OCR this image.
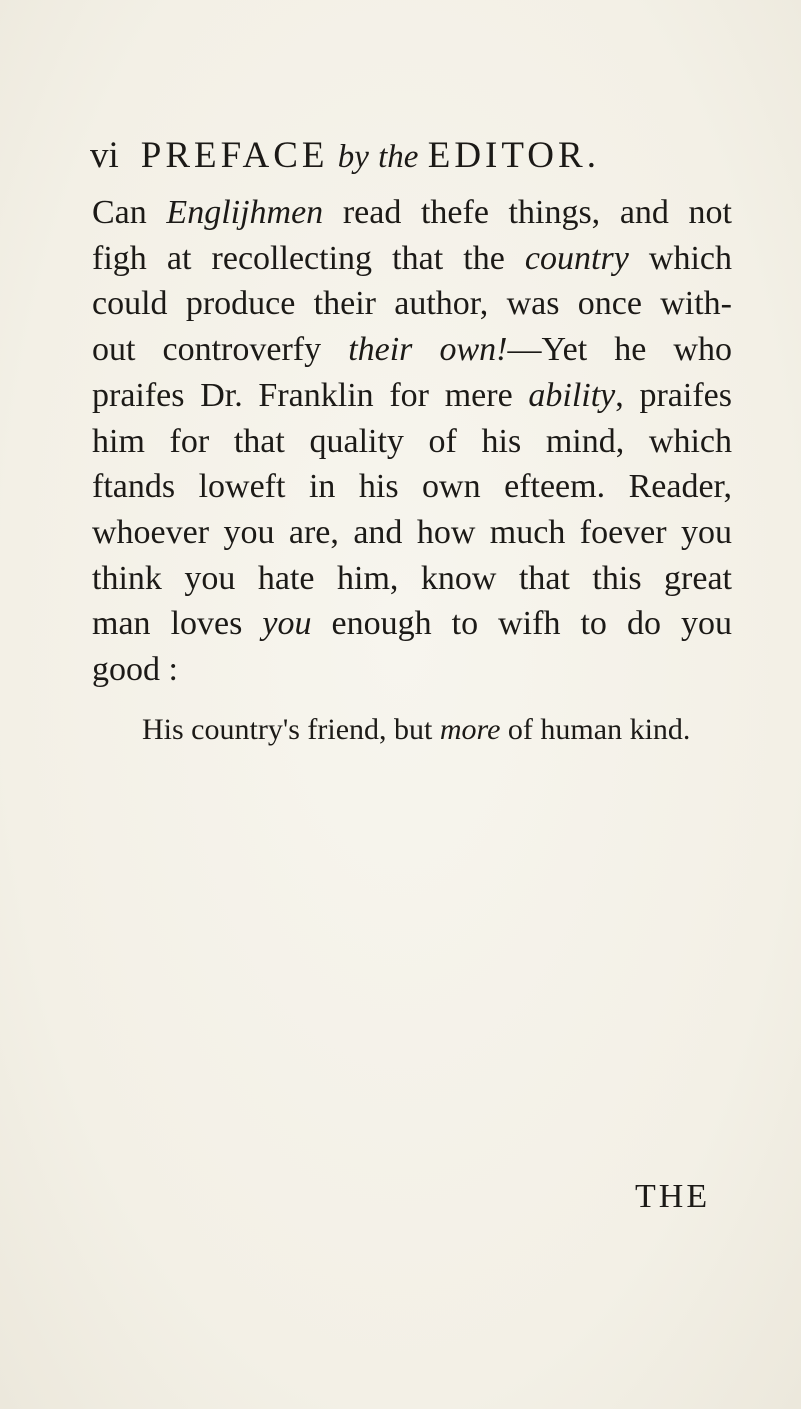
vi PREFACE by the EDITOR.
Can Englijhmen read thefe things, and not
figh at recollecting that the country which
could produce their author, was once with-
out controverfy their own!—Yet he who
praifes Dr. Franklin for mere ability, praifes
him for that quality of his mind, which
ftands loweft in his own efteem. Reader,
whoever you are, and how much foever you
think you hate him, know that this great
man loves you enough to wifh to do you
good :
His country's friend, but more of human kind.
THE
